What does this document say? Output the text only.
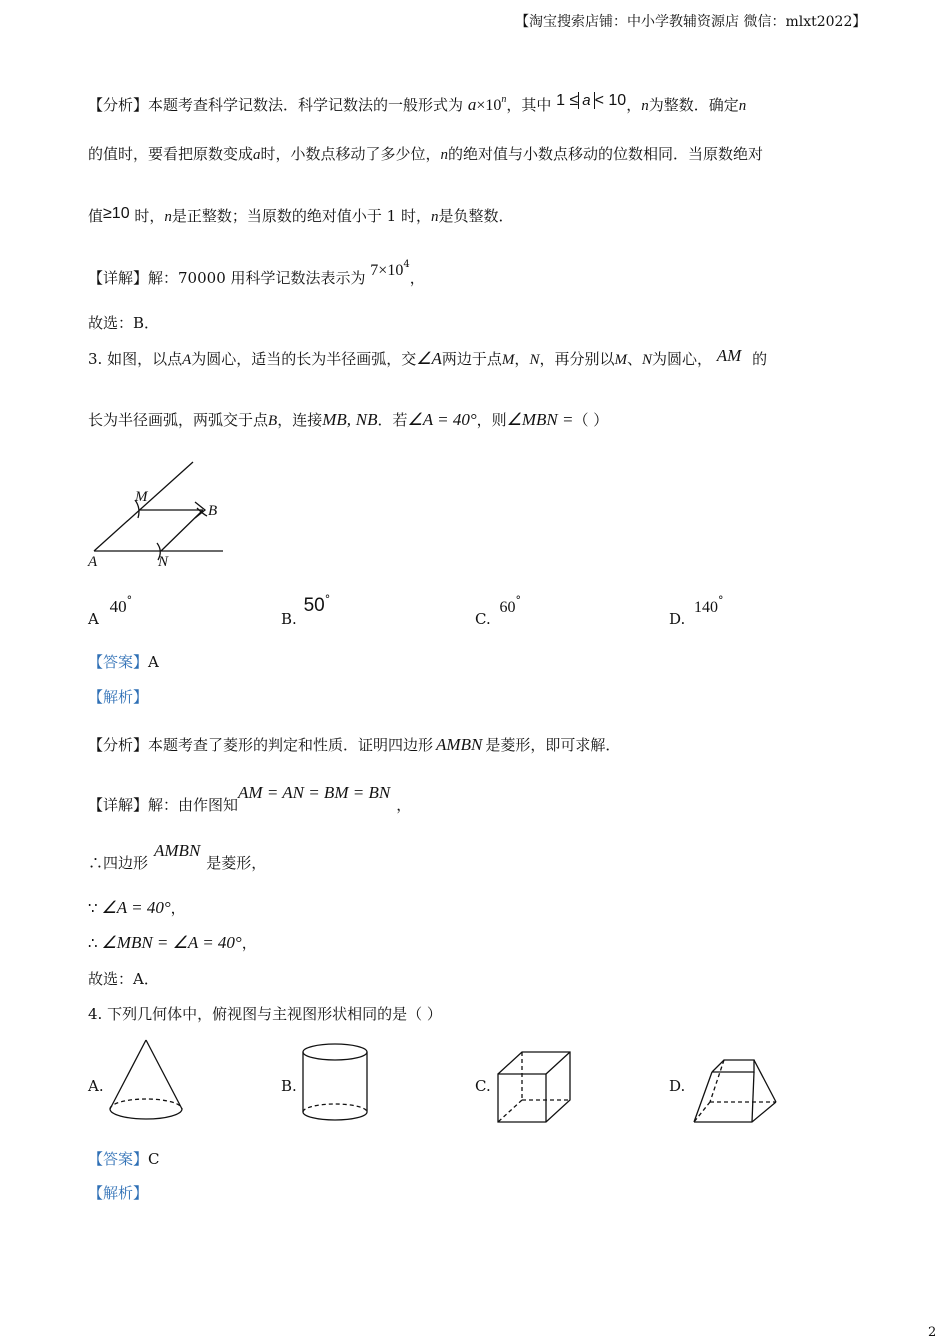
【淘宝搜索店铺：中小学教辅资源店 微信：mlxt2022】
【分析】本题考查科学记数法．科学记数法的一般形式为 $a\times 10^n$，其中 1 ≤ a < 10，n为整数．确定n
的值时，要看把原数变成a时，小数点移动了多少位，n的绝对值与小数点移动的位数相同．当原数绝对
值≥10 时，n是正整数；当原数的绝对值小于 1 时，n是负整数．
【详解】解：70000 用科学记数法表示为 $7\times 10^4$，
故选：B．
3. 如图，以点A为圆心，适当的长为半径画弧，交∠A两边于点M，N，再分别以M、N为圆心， AM 的
长为半径画弧，两弧交于点B，连接MB, NB．若∠A = 40°，则∠MBN =（ ）
M
B
A	N
A 40°
B. 50°
C. 60°
D. 140°
【答案】A
【解析】
【分析】本题考查了菱形的判定和性质．证明四边形 AMBN 是菱形，即可求解．
【详解】解：由作图知AM = AN = BM = BN，
∴四边形AMBN是菱形，
∵ ∠A = 40°，
∴ ∠MBN = ∠A = 40°，
故选：A．
4. 下列几何体中，俯视图与主视图形状相同的是（ ）
A.	B.	C.	D.
【答案】C
【解析】
2
